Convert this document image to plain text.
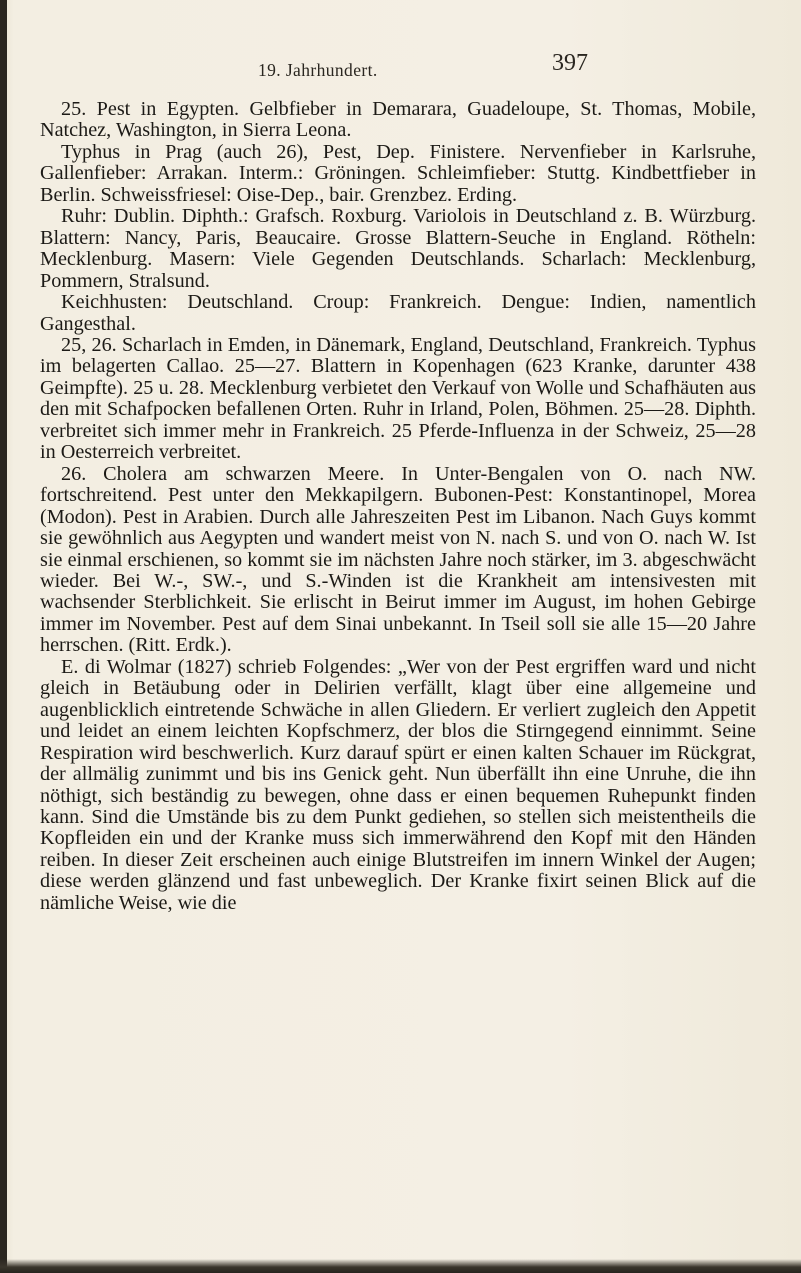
19. Jahrhundert.	397

25. Pest in Egypten. Gelbfieber in Demarara, Guadeloupe, St. Thomas, Mobile, Natchez, Washington, in Sierra Leona.

Typhus in Prag (auch 26), Pest, Dep. Finistere. Nervenfieber in Karlsruhe, Gallenfieber: Arrakan. Interm.: Gröningen. Schleimfieber: Stuttg. Kindbettfieber in Berlin. Schweissfriesel: Oise-Dep., bair. Grenzbez. Erding.

Ruhr: Dublin. Diphth.: Grafsch. Roxburg. Variolois in Deutschland z. B. Würzburg. Blattern: Nancy, Paris, Beaucaire. Grosse Blattern-Seuche in England. Rötheln: Mecklenburg. Masern: Viele Gegenden Deutschlands. Scharlach: Mecklenburg, Pommern, Stralsund.

Keichhusten: Deutschland. Croup: Frankreich. Dengue: Indien, namentlich Gangesthal.

25, 26. Scharlach in Emden, in Dänemark, England, Deutschland, Frankreich. Typhus im belagerten Callao. 25—27. Blattern in Kopenhagen (623 Kranke, darunter 438 Geimpfte). 25 u. 28. Mecklenburg verbietet den Verkauf von Wolle und Schafhäuten aus den mit Schafpocken befallenen Orten. Ruhr in Irland, Polen, Böhmen. 25—28. Diphth. verbreitet sich immer mehr in Frankreich. 25 Pferde-Influenza in der Schweiz, 25—28 in Oesterreich verbreitet.

26. Cholera am schwarzen Meere. In Unter-Bengalen von O. nach NW. fortschreitend. Pest unter den Mekkapilgern. Bubonen-Pest: Konstantinopel, Morea (Modon). Pest in Arabien. Durch alle Jahreszeiten Pest im Libanon. Nach Guys kommt sie gewöhnlich aus Aegypten und wandert meist von N. nach S. und von O. nach W. Ist sie einmal erschienen, so kommt sie im nächsten Jahre noch stärker, im 3. abgeschwächt wieder. Bei W.-, SW.-, und S.-Winden ist die Krankheit am intensivesten mit wachsender Sterblichkeit. Sie erlischt in Beirut immer im August, im hohen Gebirge immer im November. Pest auf dem Sinai unbekannt. In Tseil soll sie alle 15—20 Jahre herrschen. (Ritt. Erdk.).

E. di Wolmar (1827) schrieb Folgendes: „Wer von der Pest ergriffen ward und nicht gleich in Betäubung oder in Delirien verfällt, klagt über eine allgemeine und augenblicklich eintretende Schwäche in allen Gliedern. Er verliert zugleich den Appetit und leidet an einem leichten Kopfschmerz, der blos die Stirngegend einnimmt. Seine Respiration wird beschwerlich. Kurz darauf spürt er einen kalten Schauer im Rückgrat, der allmälig zunimmt und bis ins Genick geht. Nun überfällt ihn eine Unruhe, die ihn nöthigt, sich beständig zu bewegen, ohne dass er einen bequemen Ruhepunkt finden kann. Sind die Umstände bis zu dem Punkt gediehen, so stellen sich meistentheils die Kopfleiden ein und der Kranke muss sich immerwährend den Kopf mit den Händen reiben. In dieser Zeit erscheinen auch einige Blutstreifen im innern Winkel der Augen; diese werden glänzend und fast unbeweglich. Der Kranke fixirt seinen Blick auf die nämliche Weise, wie die
